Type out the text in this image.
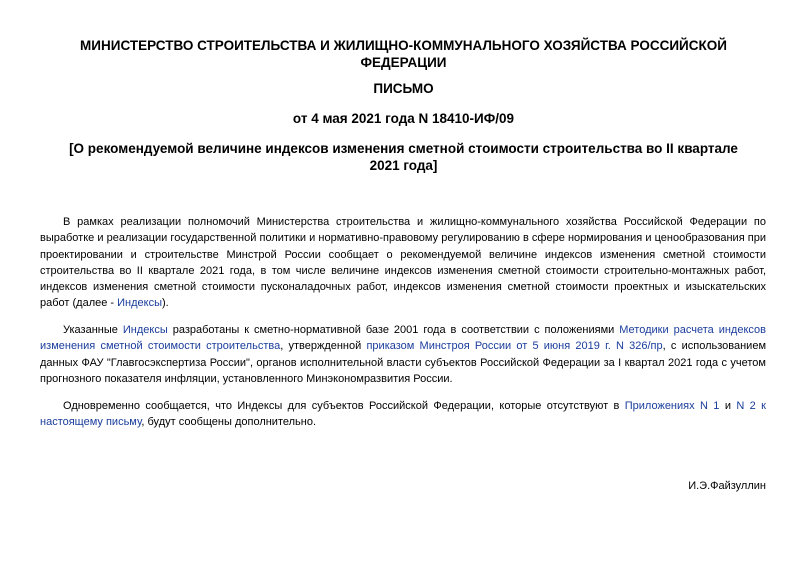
МИНИСТЕРСТВО СТРОИТЕЛЬСТВА И ЖИЛИЩНО-КОММУНАЛЬНОГО ХОЗЯЙСТВА РОССИЙСКОЙ ФЕДЕРАЦИИ

ПИСЬМО

от 4 мая 2021 года N 18410-ИФ/09

[О рекомендуемой величине индексов изменения сметной стоимости строительства во II квартале 2021 года]

В рамках реализации полномочий Министерства строительства и жилищно-коммунального хозяйства Российской Федерации по выработке и реализации государственной политики и нормативно-правовому регулированию в сфере нормирования и ценообразования при проектировании и строительстве Минстрой России сообщает о рекомендуемой величине индексов изменения сметной стоимости строительства во II квартале 2021 года, в том числе величине индексов изменения сметной стоимости строительно-монтажных работ, индексов изменения сметной стоимости пусконаладочных работ, индексов изменения сметной стоимости проектных и изыскательских работ (далее - Индексы).

Указанные Индексы разработаны к сметно-нормативной базе 2001 года в соответствии с положениями Методики расчета индексов изменения сметной стоимости строительства, утвержденной приказом Минстроя России от 5 июня 2019 г. N 326/пр, с использованием данных ФАУ "Главгосэкспертиза России", органов исполнительной власти субъектов Российской Федерации за I квартал 2021 года с учетом прогнозного показателя инфляции, установленного Минэкономразвития России.

Одновременно сообщается, что Индексы для субъектов Российской Федерации, которые отсутствуют в Приложениях N 1 и N 2 к настоящему письму, будут сообщены дополнительно.

И.Э.Файзуллин
